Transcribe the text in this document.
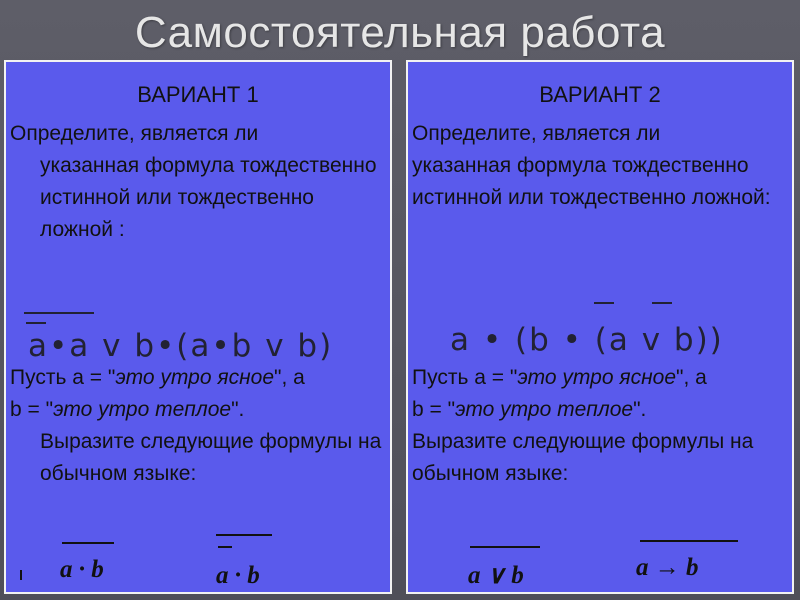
Самостоятельная работа
ВАРИАНТ 1
Определите, является ли
указанная формула тождественно истинной или тождественно ложной :
a•a v b•(a•b v b)
Пусть a = "это утро ясное", а
b = "это утро теплое".
Выразите следующие формулы на обычном языке:
a · b	a · b
ВАРИАНТ 2
Определите, является ли
указанная формула тождественно истинной или тождественно ложной:
a • (b • (a v b))
Пусть a = "это утро ясное", а
b = "это утро теплое".
Выразите следующие формулы на обычном языке:
a ∨ b	a → b
